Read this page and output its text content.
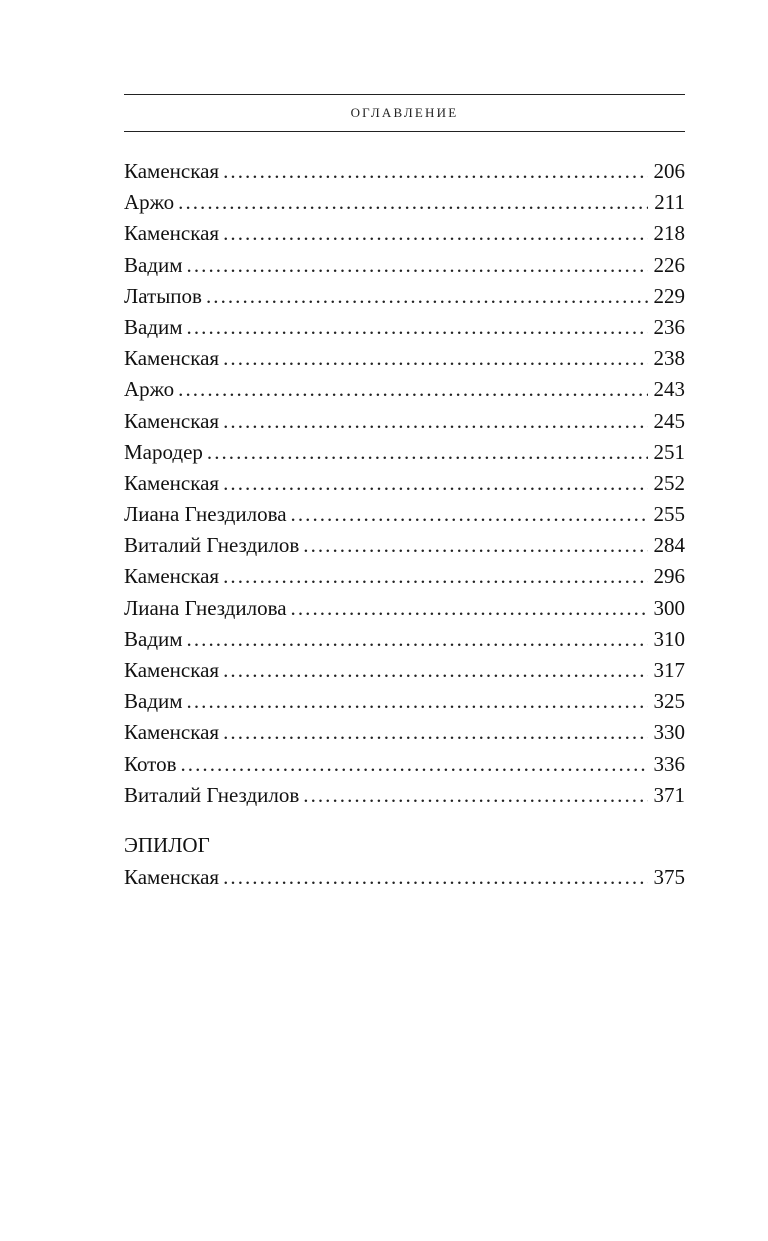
ОГЛАВЛЕНИЕ
Каменская . . .	206
Аржо . . .	211
Каменская . . .	218
Вадим . . .	226
Латыпов . . .	229
Вадим . . .	236
Каменская . . .	238
Аржо . . .	243
Каменская . . .	245
Мародер . . .	251
Каменская . . .	252
Лиана Гнездилова . . .	255
Виталий Гнездилов . . .	284
Каменская . . .	296
Лиана Гнездилова . . .	300
Вадим . . .	310
Каменская . . .	317
Вадим . . .	325
Каменская . . .	330
Котов . . .	336
Виталий Гнездилов . . .	371
ЭПИЛОГ
Каменская . . .	375
